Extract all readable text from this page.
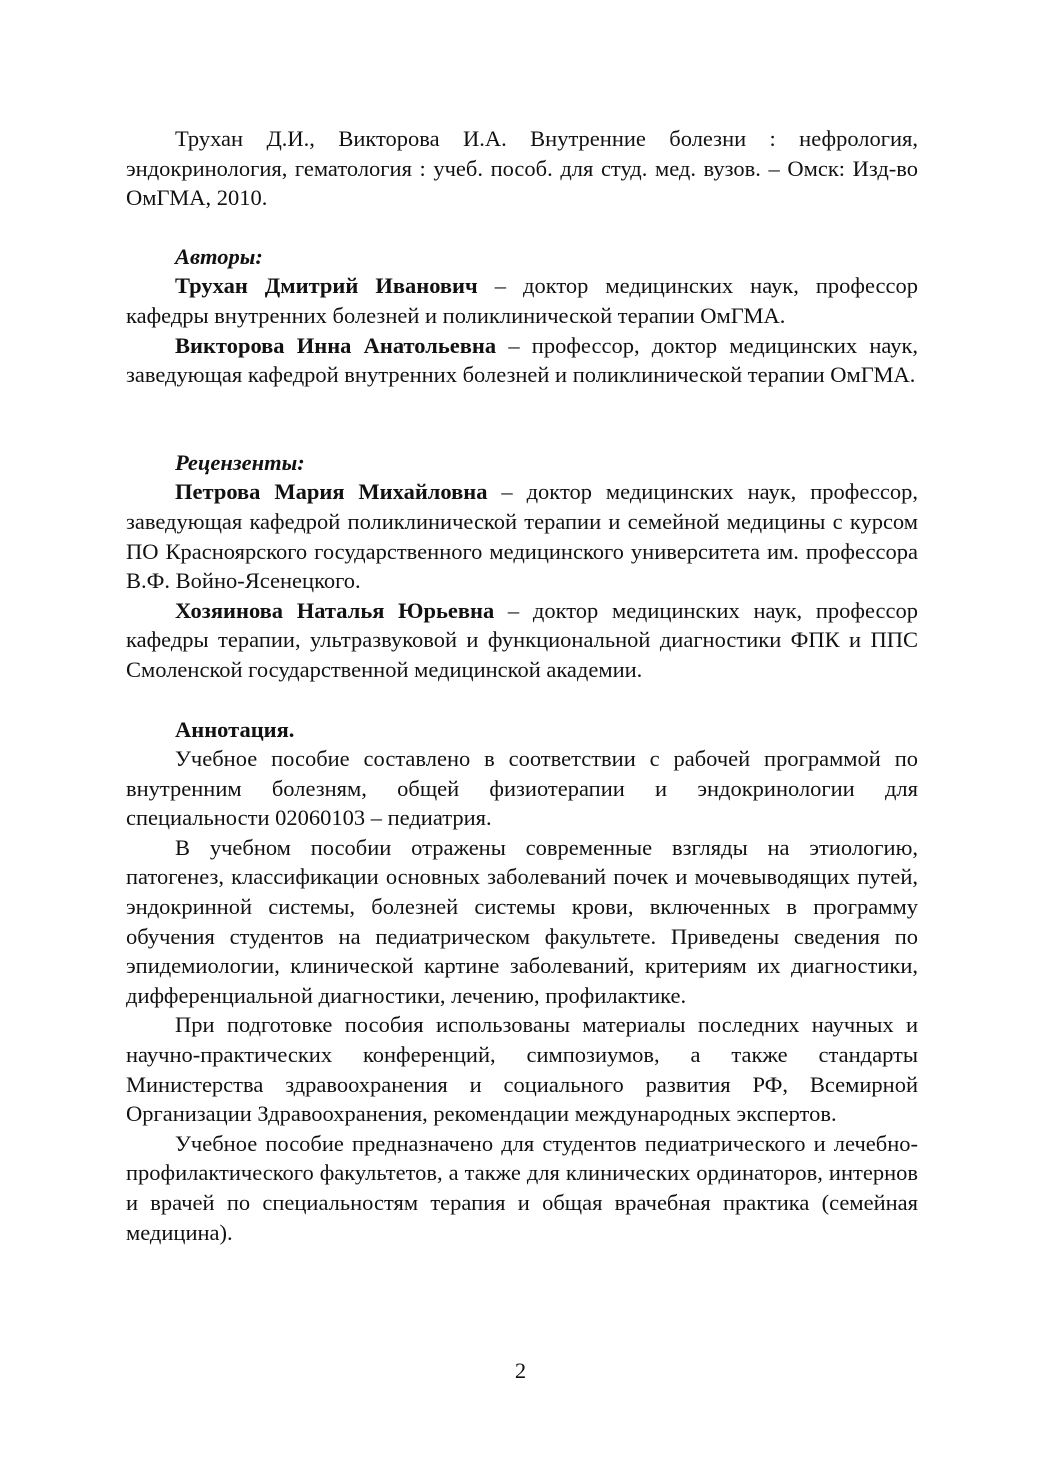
Трухан Д.И., Викторова И.А. Внутренние болезни : нефрология, эндокринология, гематология : учеб. пособ. для студ. мед. вузов. – Омск: Изд-во ОмГМА, 2010.

Авторы:

Трухан Дмитрий Иванович – доктор медицинских наук, профессор кафедры внутренних болезней и поликлинической терапии ОмГМА.

Викторова Инна Анатольевна – профессор, доктор медицинских наук, заведующая кафедрой внутренних болезней и поликлинической терапии ОмГМА.

Рецензенты:

Петрова Мария Михайловна – доктор медицинских наук, профессор, заведующая кафедрой поликлинической терапии и семейной медицины с курсом ПО Красноярского государственного медицинского университета им. профессора В.Ф. Войно-Ясенецкого.

Хозяинова Наталья Юрьевна – доктор медицинских наук, профессор кафедры терапии, ультразвуковой и функциональной диагностики ФПК и ППС Смоленской государственной медицинской академии.

Аннотация.

Учебное пособие составлено в соответствии с рабочей программой по внутренним болезням, общей физиотерапии и эндокринологии для специальности 02060103 – педиатрия.

В учебном пособии отражены современные взгляды на этиологию, патогенез, классификации основных заболеваний почек и мочевыводящих путей, эндокринной системы, болезней системы крови, включенных в программу обучения студентов на педиатрическом факультете. Приведены сведения по эпидемиологии, клинической картине заболеваний, критериям их диагностики, дифференциальной диагностики, лечению, профилактике.

При подготовке пособия использованы материалы последних научных и научно-практических конференций, симпозиумов, а также стандарты Министерства здравоохранения и социального развития РФ, Всемирной Организации Здравоохранения, рекомендации международных экспертов.

Учебное пособие предназначено для студентов педиатрического и лечебно-профилактического факультетов, а также для клинических ординаторов, интернов и врачей по специальностям терапия и общая врачебная практика (семейная медицина).

2
